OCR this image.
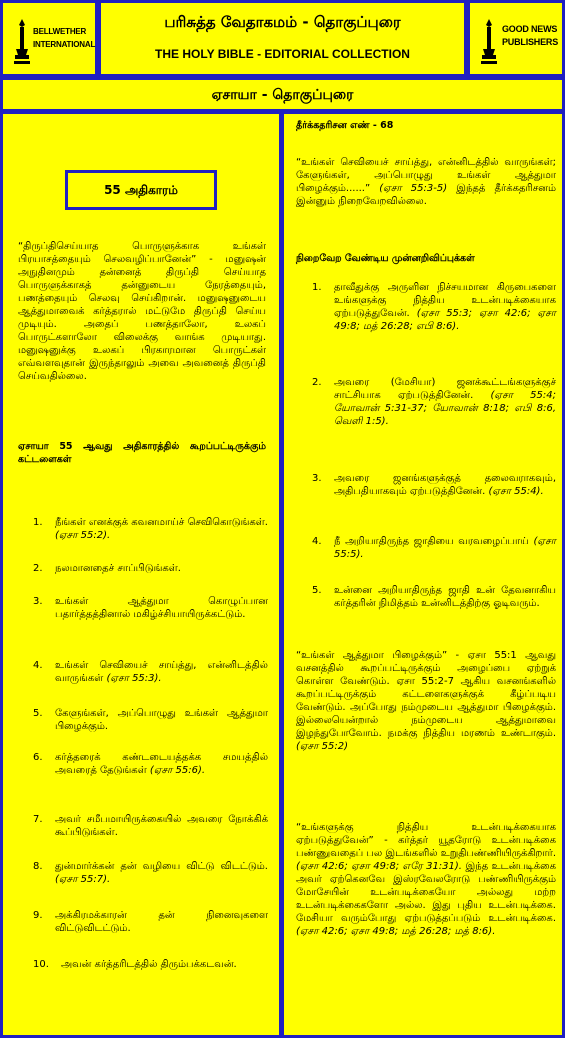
BELLWETHER
INTERNATIONAL
பரிசுத்த வேதாகமம் - தொகுப்புரை
THE HOLY BIBLE - EDITORIAL COLLECTION
GOOD NEWS
PUBLISHERS
ஏசாயா - தொகுப்புரை
55 அதிகாரம்
“திருப்திசெய்யாத பொருளுக்காக உங்கள் பிரயாசத்தையும் செலவழிப்பானேன்” - மனுஷன் அநுதினமும் தன்னைத் திருப்தி செய்யாத பொருளுக்காகத் தன்னுடைய நேரத்தையும், பணத்தையும் செலவு செய்கிறான். மனுஷனுடைய ஆத்துமாவைக் கர்த்தரால் மட்டுமே திருப்தி செய்ய முடியும். அதைப் பணத்தாலோ, உலகப் பொருட்களாலோ விலைக்கு வாங்க முடியாது. மனுஷனுக்கு உலகப் பிரகாரமான பொருட்கள் எவ்வளவுதான் இருந்தாலும் அவை அவனைத் திருப்தி செய்வதில்லை.
ஏசாயா 55 ஆவது அதிகாரத்தில் கூறப்பட்டிருக்கும் கட்டளைகள்
1. நீங்கள் எனக்குக் கவனமாய்ச் செவிகொடுங்கள். (ஏசா 55:2).
2. நலமானதைச் சாப்பிடுங்கள்.
3. உங்கள் ஆத்துமா கொழுப்பான பதார்த்தத்தினால் மகிழ்ச்சியாயிருக்கட்டும்.
4. உங்கள் செவியைச் சாய்த்து, என்னிடத்தில் வாருங்கள் (ஏசா 55:3).
5. கேளுங்கள், அப்பொழுது உங்கள் ஆத்துமா பிழைக்கும்.
6. கர்த்தரைக் கண்டடையத்தக்க சமயத்தில் அவரைத் தேடுங்கள் (ஏசா 55:6).
7. அவர் சமீபமாயிருக்கையில் அவரை நோக்கிக் கூப்பிடுங்கள்.
8. துன்மார்க்கன் தன் வழியை விட்டு விடட்டும். (ஏசா 55:7).
9. அக்கிரமக்காரன் தன் நினைவுகளை விட்டுவிடட்டும்.
10. அவன் கர்த்தரிடத்தில் திரும்பக்கடவன்.
தீர்க்கதரிசன எண் - 68
“உங்கள் செவியைச் சாய்த்து, என்னிடத்தில் வாருங்கள்; கேளுங்கள், அப்பொழுது உங்கள் ஆத்துமா பிழைக்கும்......” (ஏசா 55:3-5) இந்தத் தீர்க்கதரிசனம் இன்னும் நிறைவேறவில்லை.
நிறைவேற வேண்டிய முன்னறிவிப்புக்கள்
1. தாவீதுக்கு அருளின நிச்சயமான கிருபைகளை உங்களுக்கு நித்திய உடன்படிக்கையாக ஏற்படுத்துவேன். (ஏசா 55:3; ஏசா 42:6; ஏசா 49:8; மத் 26:28; எபி 8:6).
2. அவரை (மேசியா) ஜனக்கூட்டங்களுக்குச் சாட்சியாக ஏற்படுத்தினேன். (ஏசா 55:4; யோவான் 5:31-37; யோவான் 8:18; எபி 8:6, வெளி 1:5).
3. அவரை ஜனங்களுக்குத் தலைவராகவும், அதிபதியாகவும் ஏற்படுத்தினேன். (ஏசா 55:4).
4. நீ அறியாதிருந்த ஜாதியை வரவழைப்பாய் (ஏசா 55:5).
5. உன்னை அறியாதிருந்த ஜாதி உன் தேவனாகிய கர்த்தரின் நிமித்தம் உன்னிடத்திற்கு ஓடிவரும்.
“உங்கள் ஆத்துமா பிழைக்கும்” - ஏசா 55:1 ஆவது வசனத்தில் கூறப்பட்டிருக்கும் அழைப்பை ஏற்றுக் கொள்ள வேண்டும். ஏசா 55:2-7 ஆகிய வசனங்களில் கூறப்பட்டிருக்கும் கட்டளைகளுக்குக் கீழ்ப்படிய வேண்டும். அப்போது நம்முடைய ஆத்துமா பிழைக்கும். இல்லையென்றால் நம்முடைய ஆத்துமாவை இழந்துபோவோம். நமக்கு நித்திய மரணம் உண்டாகும். (ஏசா 55:2)
“உங்களுக்கு நித்திய உடன்படிக்கையாக ஏற்படுத்துவேன்” - கர்த்தர் யூதரோடு உடன்படிக்கை பண்ணுவதைப் பல இடங்களில் உறுதிபண்ணியிருக்கிறார். (ஏசா 42:6; ஏசா 49:8; எரே 31:31). இந்த உடன்படிக்கை அவர் ஏற்கெனவே இஸ்ரவேலரோடு பண்ணியிருக்கும் மோசேயின் உடன்படிக்கையோ அல்லது மற்ற உடன்படிக்கைகளோ அல்ல. இது புதிய உடன்படிக்கை. மேசியா வரும்போது ஏற்படுத்தப்படும் உடன்படிக்கை. (ஏசா 42:6; ஏசா 49:8; மத் 26:28; மத் 8:6).
